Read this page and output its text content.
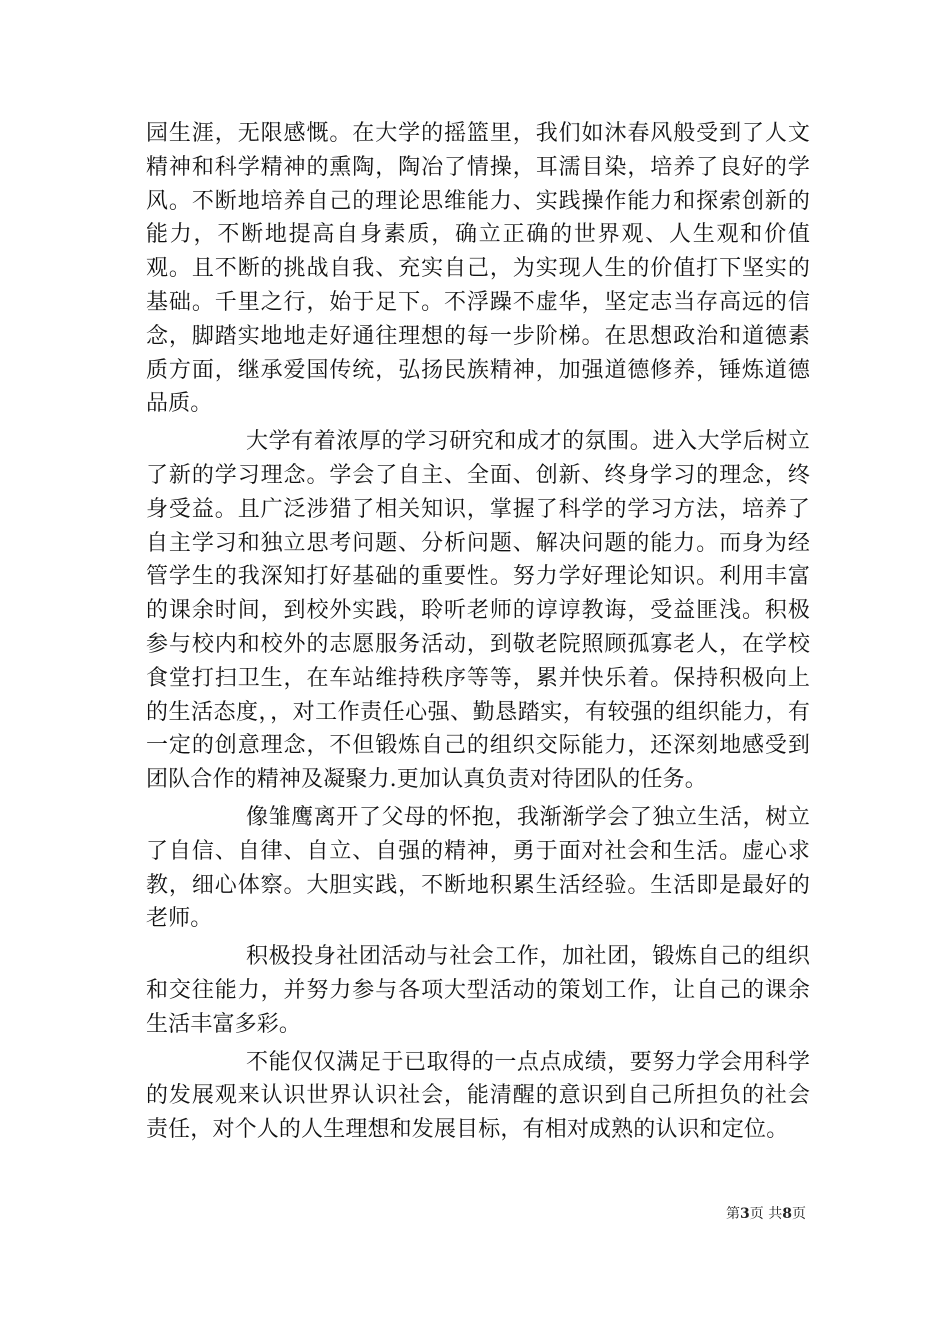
园生涯，无限感慨。在大学的摇篮里，我们如沐春风般受到了人文精神和科学精神的熏陶，陶冶了情操，耳濡目染，培养了良好的学风。不断地培养自己的理论思维能力、实践操作能力和探索创新的能力，不断地提高自身素质，确立正确的世界观、人生观和价值观。且不断的挑战自我、充实自己，为实现人生的价值打下坚实的基础。千里之行，始于足下。不浮躁不虚华，坚定志当存高远的信念，脚踏实地地走好通往理想的每一步阶梯。在思想政治和道德素质方面，继承爱国传统，弘扬民族精神，加强道德修养，锤炼道德品质。

大学有着浓厚的学习研究和成才的氛围。进入大学后树立了新的学习理念。学会了自主、全面、创新、终身学习的理念，终身受益。且广泛涉猎了相关知识，掌握了科学的学习方法，培养了自主学习和独立思考问题、分析问题、解决问题的能力。而身为经管学生的我深知打好基础的重要性。努力学好理论知识。利用丰富的课余时间，到校外实践，聆听老师的谆谆教诲，受益匪浅。积极参与校内和校外的志愿服务活动，到敬老院照顾孤寡老人，在学校食堂打扫卫生，在车站维持秩序等等，累并快乐着。保持积极向上的生活态度，，对工作责任心强、勤恳踏实，有较强的组织能力，有一定的创意理念，不但锻炼自己的组织交际能力，还深刻地感受到团队合作的精神及凝聚力.更加认真负责对待团队的任务。

像雏鹰离开了父母的怀抱，我渐渐学会了独立生活，树立了自信、自律、自立、自强的精神，勇于面对社会和生活。虚心求教，细心体察。大胆实践，不断地积累生活经验。生活即是最好的老师。

积极投身社团活动与社会工作，加社团，锻炼自己的组织和交往能力，并努力参与各项大型活动的策划工作，让自己的课余生活丰富多彩。

不能仅仅满足于已取得的一点点成绩，要努力学会用科学的发展观来认识世界认识社会，能清醒的意识到自己所担负的社会责任，对个人的人生理想和发展目标，有相对成熟的认识和定位。

第3页 共8页
